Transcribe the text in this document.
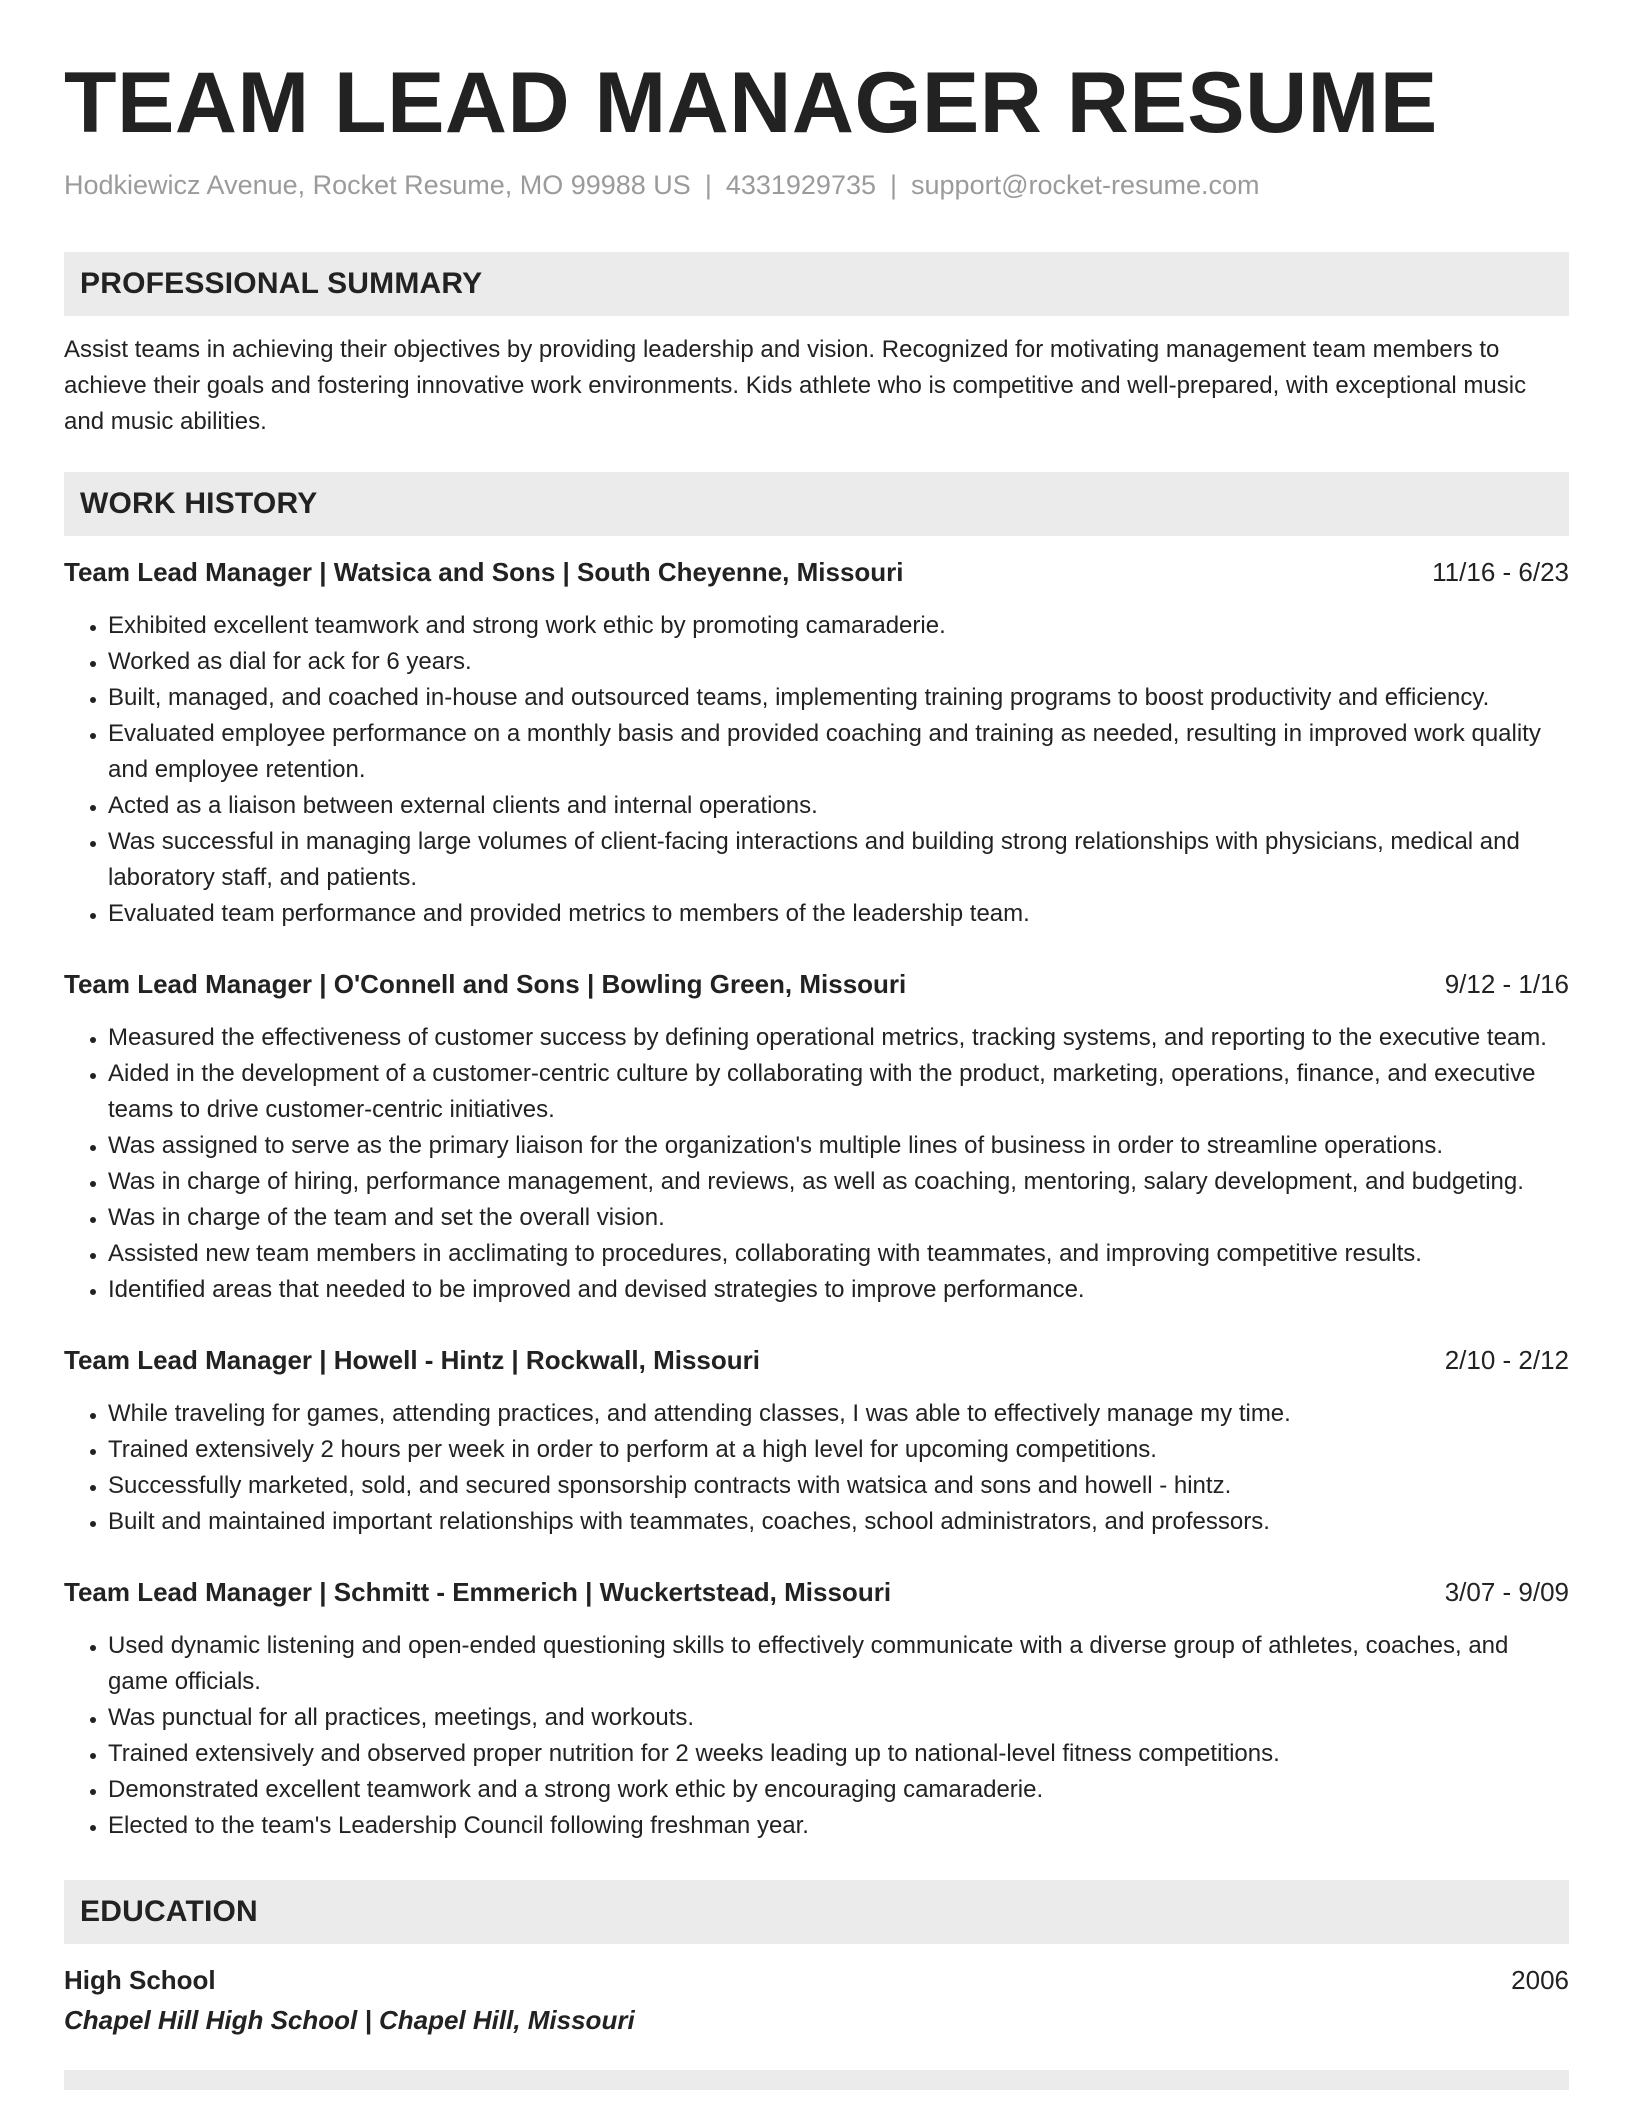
TEAM LEAD MANAGER RESUME
Hodkiewicz Avenue, Rocket Resume, MO 99988 US | 4331929735 | support@rocket-resume.com
PROFESSIONAL SUMMARY

Assist teams in achieving their objectives by providing leadership and vision. Recognized for motivating management team members to achieve their goals and fostering innovative work environments. Kids athlete who is competitive and well-prepared, with exceptional music and music abilities.

WORK HISTORY
Team Lead Manager | Watsica and Sons | South Cheyenne, Missouri	11/16 - 6/23
• Exhibited excellent teamwork and strong work ethic by promoting camaraderie.
• Worked as dial for ack for 6 years.
• Built, managed, and coached in-house and outsourced teams, implementing training programs to boost productivity and efficiency.
• Evaluated employee performance on a monthly basis and provided coaching and training as needed, resulting in improved work quality and employee retention.
• Acted as a liaison between external clients and internal operations.
• Was successful in managing large volumes of client-facing interactions and building strong relationships with physicians, medical and laboratory staff, and patients.
• Evaluated team performance and provided metrics to members of the leadership team.
Team Lead Manager | O'Connell and Sons | Bowling Green, Missouri	9/12 - 1/16
• Measured the effectiveness of customer success by defining operational metrics, tracking systems, and reporting to the executive team.
• Aided in the development of a customer-centric culture by collaborating with the product, marketing, operations, finance, and executive teams to drive customer-centric initiatives.
• Was assigned to serve as the primary liaison for the organization's multiple lines of business in order to streamline operations.
• Was in charge of hiring, performance management, and reviews, as well as coaching, mentoring, salary development, and budgeting.
• Was in charge of the team and set the overall vision.
• Assisted new team members in acclimating to procedures, collaborating with teammates, and improving competitive results.
• Identified areas that needed to be improved and devised strategies to improve performance.
Team Lead Manager | Howell - Hintz | Rockwall, Missouri	2/10 - 2/12
• While traveling for games, attending practices, and attending classes, I was able to effectively manage my time.
• Trained extensively 2 hours per week in order to perform at a high level for upcoming competitions.
• Successfully marketed, sold, and secured sponsorship contracts with watsica and sons and howell - hintz.
• Built and maintained important relationships with teammates, coaches, school administrators, and professors.
Team Lead Manager | Schmitt - Emmerich | Wuckertstead, Missouri	3/07 - 9/09
• Used dynamic listening and open-ended questioning skills to effectively communicate with a diverse group of athletes, coaches, and game officials.
• Was punctual for all practices, meetings, and workouts.
• Trained extensively and observed proper nutrition for 2 weeks leading up to national-level fitness competitions.
• Demonstrated excellent teamwork and a strong work ethic by encouraging camaraderie.
• Elected to the team's Leadership Council following freshman year.
EDUCATION
High School	2006
Chapel Hill High School | Chapel Hill, Missouri
